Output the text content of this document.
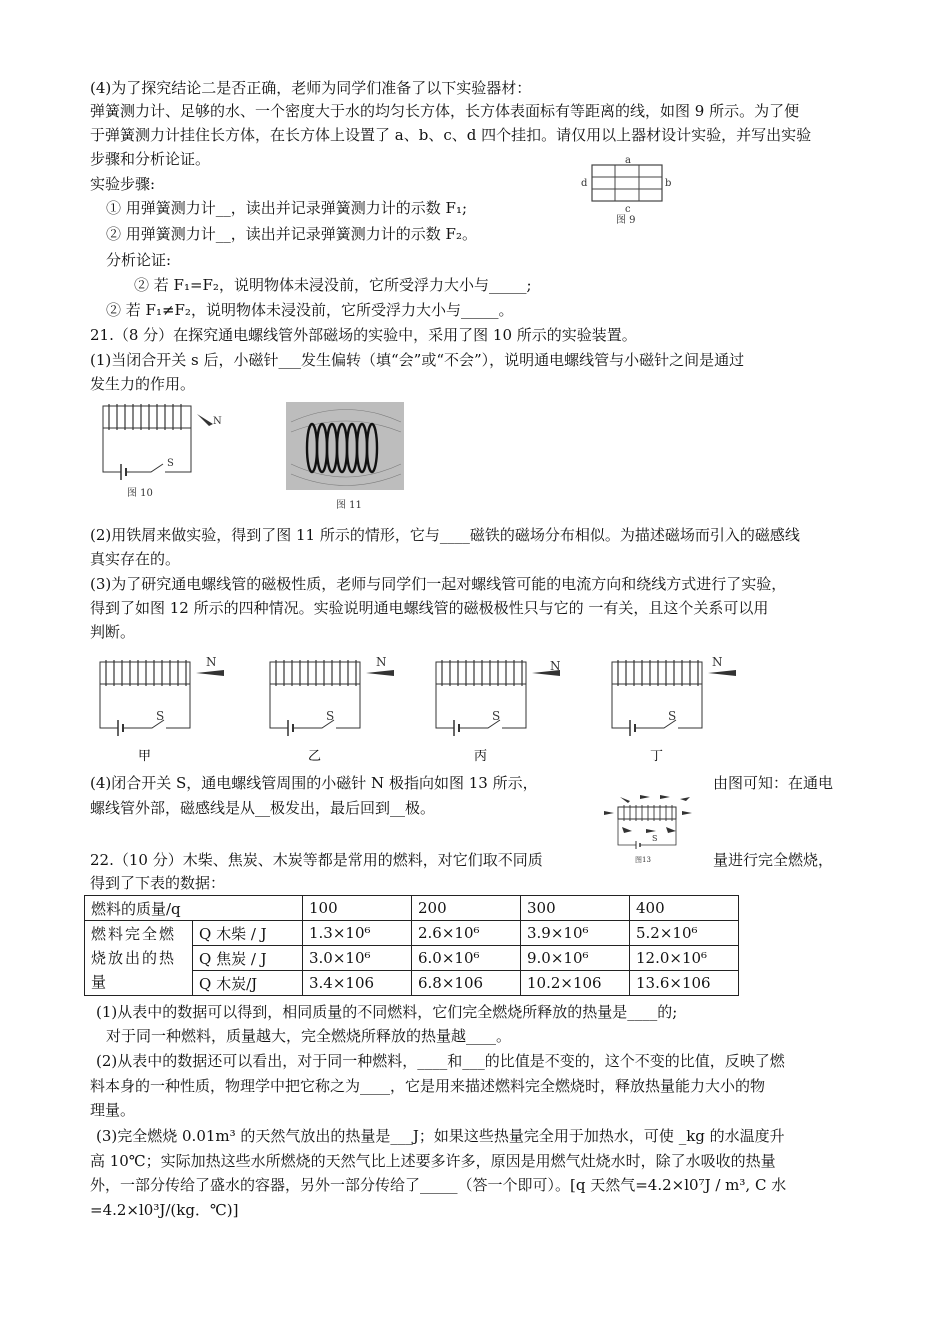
(4)为了探究结论二是否正确，老师为同学们准备了以下实验器材：
弹簧测力计、足够的水、一个密度大于水的均匀长方体，长方体表面标有等距离的线，如图 9 所示。为了便
于弹簧测力计挂住长方体，在长方体上设置了 a、b、c、d 四个挂扣。请仅用以上器材设计实验，并写出实验
步骤和分析论证。
实验步骤:
① 用弹簧测力计__，读出并记录弹簧测力计的示数 F₁;
② 用弹簧测力计__，读出并记录弹簧测力计的示数 F₂。
分析论证:
② 若 F₁=F₂，说明物体未浸没前，它所受浮力大小与_____;
② 若 F₁≠F₂，说明物体未浸没前，它所受浮力大小与_____。
a
b
c
d
图 9
21.（8 分）在探究通电螺线管外部磁场的实验中，采用了图 10 所示的实验装置。
(1)当闭合开关 s 后，小磁针___发生偏转（填“会”或“不会”），说明通电螺线管与小磁针之间是通过
发生力的作用。
S
N
图 10
图 11
(2)用铁屑来做实验，得到了图 11 所示的情形，它与____磁铁的磁场分布相似。为描述磁场而引入的磁感线
真实存在的。
(3)为了研究通电螺线管的磁极性质，老师与同学们一起对螺线管可能的电流方向和绕线方式进行了实验，
得到了如图 12 所示的四种情况。实验说明通电螺线管的磁极极性只与它的 一有关，且这个关系可以用
判断。
N
S
甲
N
S
乙
N
S
丙
N
S
丁
(4)闭合开关 S，通电螺线管周围的小磁针 N 极指向如图 13 所示，	由图可知：在通电
螺线管外部，磁感线是从__极发出，最后回到__极。
S
图13
22.（10 分）木柴、焦炭、木炭等都是常用的燃料，对它们取不同质	量进行完全燃烧，
得到了下表的数据：
燃料的质量/q		100	200	300	400
燃料完全燃烧放出的热量	Q 木柴 / J	1.3×10⁶	2.6×10⁶	3.9×10⁶	5.2×10⁶
	Q 焦炭 / J	3.0×10⁶	6.0×10⁶	9.0×10⁶	12.0×10⁶
	Q 木炭/J	3.4×106	6.8×106	10.2×106	13.6×106
(1)从表中的数据可以得到，相同质量的不同燃料，它们完全燃烧所释放的热量是____的;
对于同一种燃料，质量越大，完全燃烧所释放的热量越____。
(2)从表中的数据还可以看出，对于同一种燃料，____和___的比值是不变的，这个不变的比值，反映了燃
料本身的一种性质，物理学中把它称之为____，它是用来描述燃料完全燃烧时，释放热量能力大小的物
理量。
(3)完全燃烧 0.01m³ 的天然气放出的热量是___J；如果这些热量完全用于加热水，可使 _kg 的水温度升
高 10℃；实际加热这些水所燃烧的天然气比上述要多许多，原因是用燃气灶烧水时，除了水吸收的热量
外，一部分传给了盛水的容器，另外一部分传给了_____（答一个即可）。[q 天然气=4.2×l0⁷J / m³, C 水
=4.2×l0³J/(kg．℃)]
